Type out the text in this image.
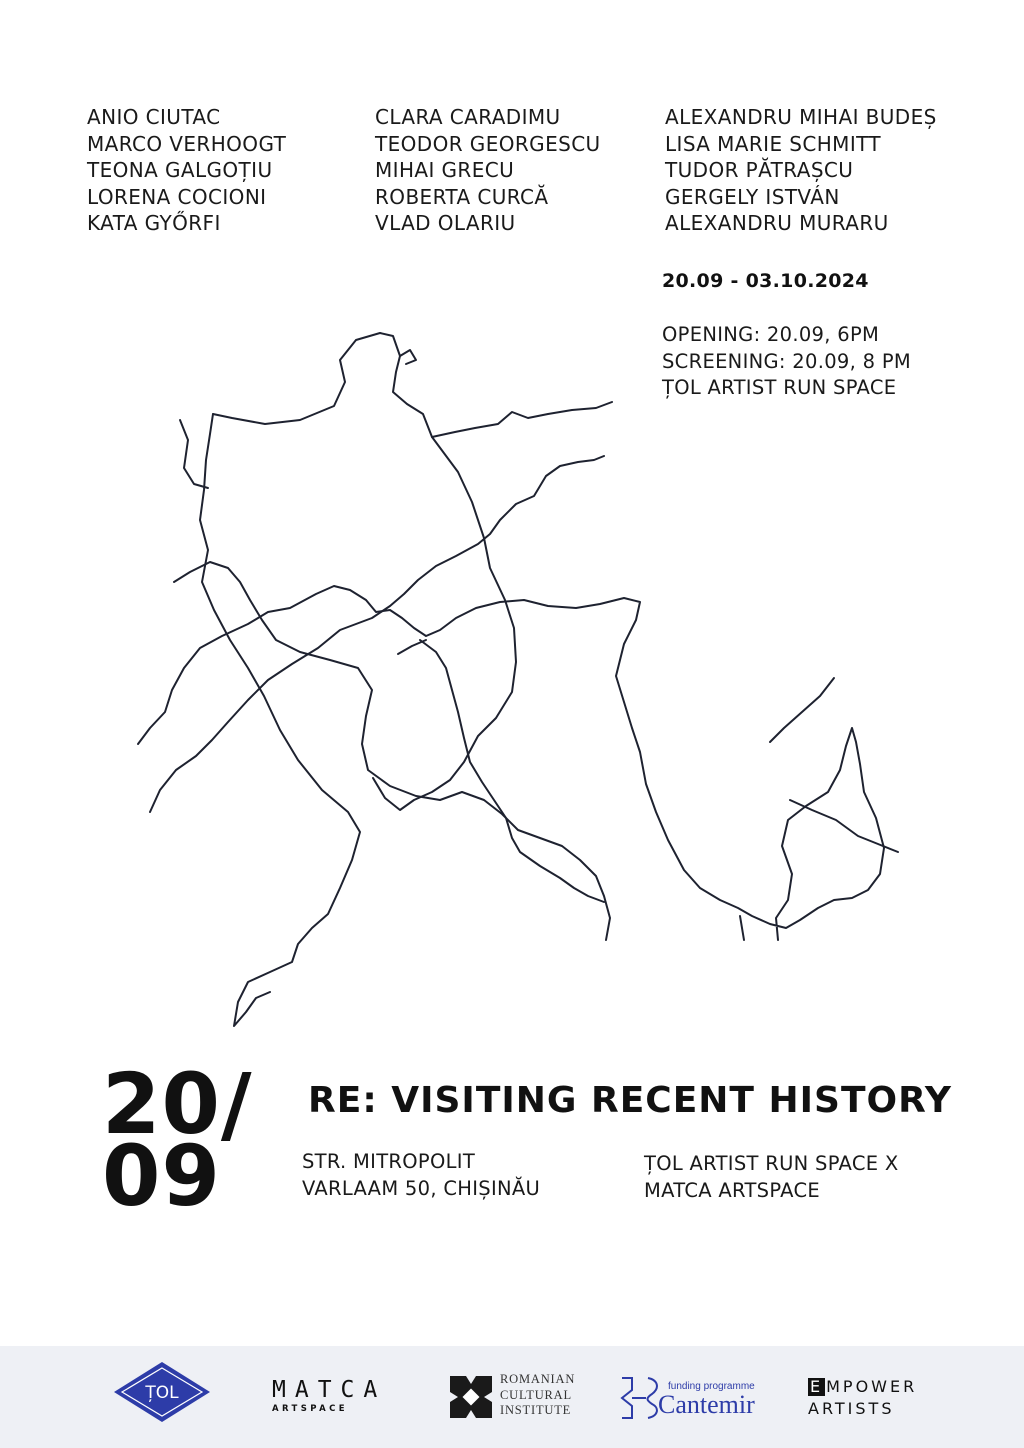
ANIO CIUTAC
MARCO VERHOOGT
TEONA GALGOȚIU
LORENA COCIONI
KATA GYŐRFI
CLARA CARADIMU
TEODOR GEORGESCU
MIHAI GRECU
ROBERTA CURCĂ
VLAD OLARIU
ALEXANDRU MIHAI BUDEȘ
LISA MARIE SCHMITT
TUDOR PĂTRAȘCU
GERGELY ISTVÁN
ALEXANDRU MURARU
20.09 - 03.10.2024
OPENING: 20.09, 6PM
SCREENING: 20.09, 8 PM
ȚOL ARTIST RUN SPACE
20/
09
RE: VISITING RECENT HISTORY
STR. MITROPOLIT
VARLAAM 50, CHIȘINĂU
ȚOL ARTIST RUN SPACE X
MATCA ARTSPACE
ȚOL	MATCA
ARTSPACE
ROMANIAN
CULTURAL
INSTITUTE
funding programme
Cantemir
E MPOWER
ARTISTS
